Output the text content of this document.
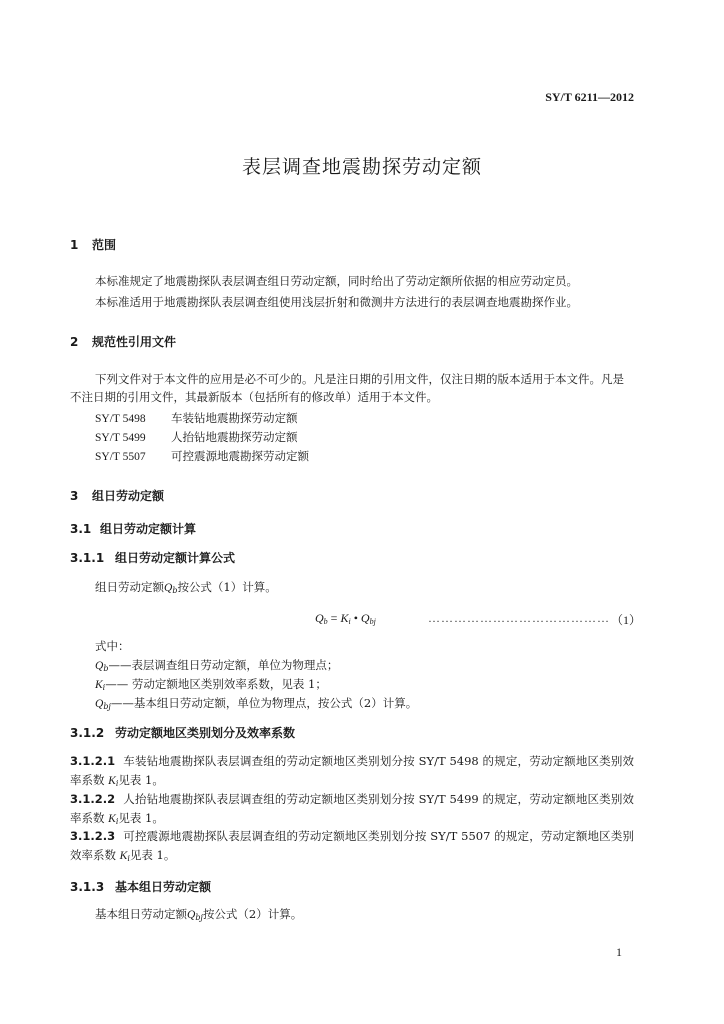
SY/T 6211—2012
表层调查地震勘探劳动定额
1 范围
本标准规定了地震勘探队表层调查组日劳动定额，同时给出了劳动定额所依据的相应劳动定员。
本标准适用于地震勘探队表层调查组使用浅层折射和微测井方法进行的表层调查地震勘探作业。
2 规范性引用文件
下列文件对于本文件的应用是必不可少的。凡是注日期的引用文件，仅注日期的版本适用于本文件。凡是不注日期的引用文件，其最新版本（包括所有的修改单）适用于本文件。
SY/T 5498 车装钻地震勘探劳动定额
SY/T 5499 人抬钻地震勘探劳动定额
SY/T 5507 可控震源地震勘探劳动定额
3 组日劳动定额
3.1 组日劳动定额计算
3.1.1 组日劳动定额计算公式
组日劳动定额$Q_b$按公式（1）计算。
$Q_b = K_i$ • $Q_{bj}$	…………………………………… （1）
式中：
$Q_b——$表层调查组日劳动定额，单位为物理点；
$K_i——$ 劳动定额地区类别效率系数，见表 1；
$Q_{bj}——$基本组日劳动定额，单位为物理点，按公式（2）计算。
3.1.2 劳动定额地区类别划分及效率系数
3.1.2.1 车装钻地震勘探队表层调查组的劳动定额地区类别划分按 SY/T 5498 的规定，劳动定额地区类别效率系数 $K_i$见表 1。
3.1.2.2 人抬钻地震勘探队表层调查组的劳动定额地区类别划分按 SY/T 5499 的规定，劳动定额地区类别效率系数 $K_i$见表 1。
3.1.2.3 可控震源地震勘探队表层调查组的劳动定额地区类别划分按 SY/T 5507 的规定，劳动定额地区类别效率系数 $K_i$见表 1。
3.1.3 基本组日劳动定额
基本组日劳动定额$Q_{bj}$按公式（2）计算。
1
